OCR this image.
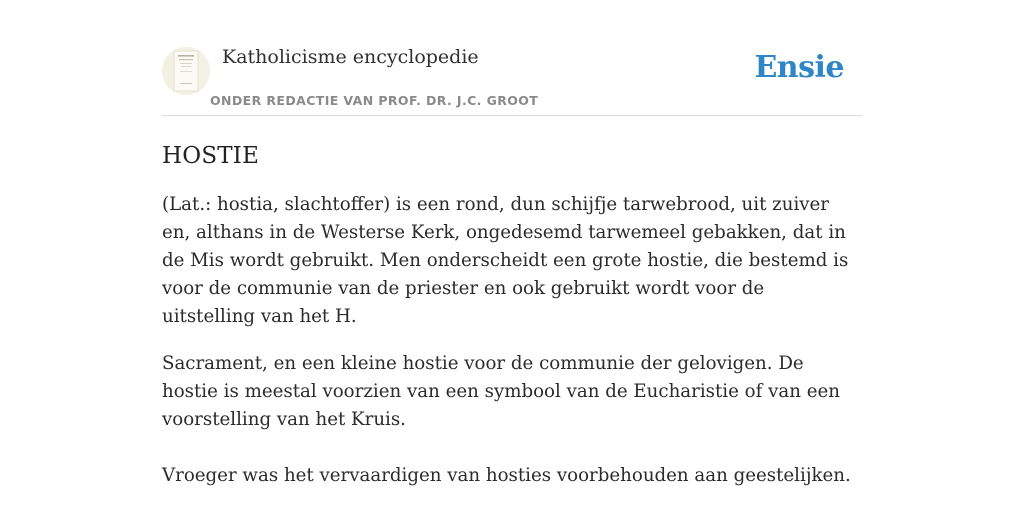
Katholicisme encyclopedie
ONDER REDACTIE VAN PROF. DR. J.C. GROOT
Ensie
HOSTIE

(Lat.: hostia, slachtoffer) is een rond, dun schijfje tarwebrood, uit zuiver en, althans in de Westerse Kerk, ongedesemd tarwemeel gebakken, dat in de Mis wordt gebruikt. Men onderscheidt een grote hostie, die bestemd is voor de communie van de priester en ook gebruikt wordt voor de uitstelling van het H.

Sacrament, en een kleine hostie voor de communie der gelovigen. De hostie is meestal voorzien van een symbool van de Eucharistie of van een voorstelling van het Kruis.

Vroeger was het vervaardigen van hosties voorbehouden aan geestelijken.
